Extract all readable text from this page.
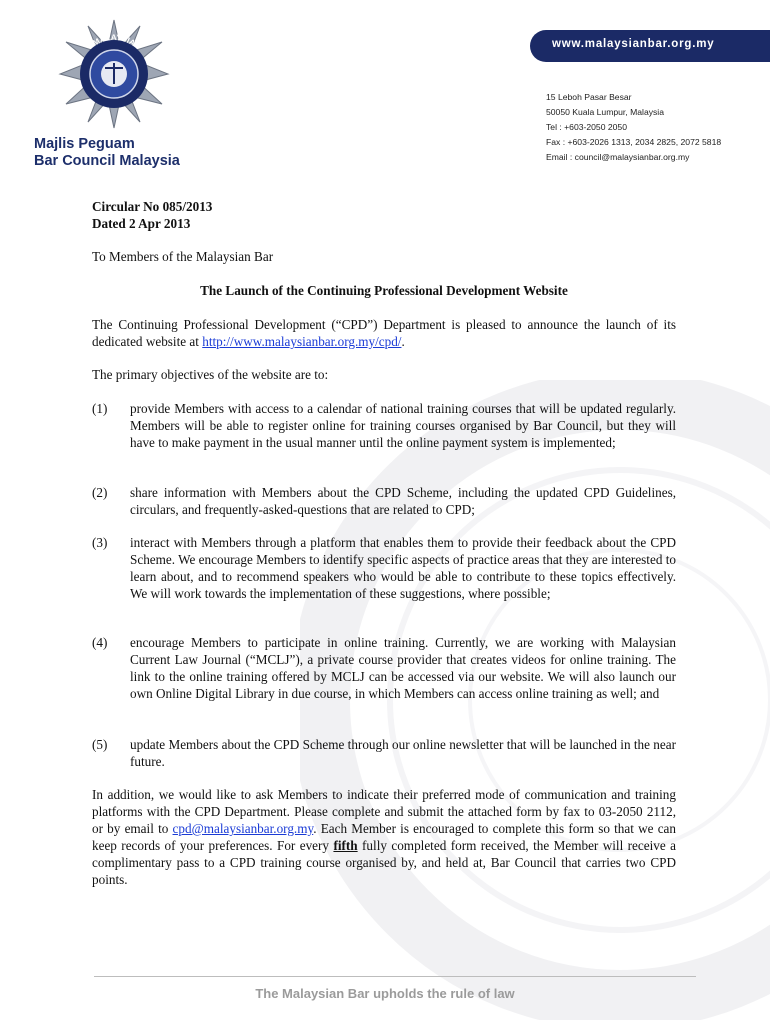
MALAYSIA
Majlis Peguam
Bar Council Malaysia
www.malaysianbar.org.my
15 Leboh Pasar Besar
50050 Kuala Lumpur, Malaysia
Tel : +603-2050 2050
Fax : +603-2026 1313, 2034 2825, 2072 5818
Email : council@malaysianbar.org.my
Circular No 085/2013
Dated 2 Apr 2013
To Members of the Malaysian Bar
The Launch of the Continuing Professional Development Website
The Continuing Professional Development (“CPD”) Department is pleased to announce the launch of its dedicated website at http://www.malaysianbar.org.my/cpd/.
The primary objectives of the website are to:
(1) provide Members with access to a calendar of national training courses that will be updated regularly. Members will be able to register online for training courses organised by Bar Council, but they will have to make payment in the usual manner until the online payment system is implemented;
(2) share information with Members about the CPD Scheme, including the updated CPD Guidelines, circulars, and frequently-asked-questions that are related to CPD;
(3) interact with Members through a platform that enables them to provide their feedback about the CPD Scheme. We encourage Members to identify specific aspects of practice areas that they are interested to learn about, and to recommend speakers who would be able to contribute to these topics effectively. We will work towards the implementation of these suggestions, where possible;
(4) encourage Members to participate in online training. Currently, we are working with Malaysian Current Law Journal (“MCLJ”), a private course provider that creates videos for online training. The link to the online training offered by MCLJ can be accessed via our website. We will also launch our own Online Digital Library in due course, in which Members can access online training as well; and
(5) update Members about the CPD Scheme through our online newsletter that will be launched in the near future.
In addition, we would like to ask Members to indicate their preferred mode of communication and training platforms with the CPD Department. Please complete and submit the attached form by fax to 03-2050 2112, or by email to cpd@malaysianbar.org.my. Each Member is encouraged to complete this form so that we can keep records of your preferences. For every fifth fully completed form received, the Member will receive a complimentary pass to a CPD training course organised by, and held at, Bar Council that carries two CPD points.
The Malaysian Bar upholds the rule of law
